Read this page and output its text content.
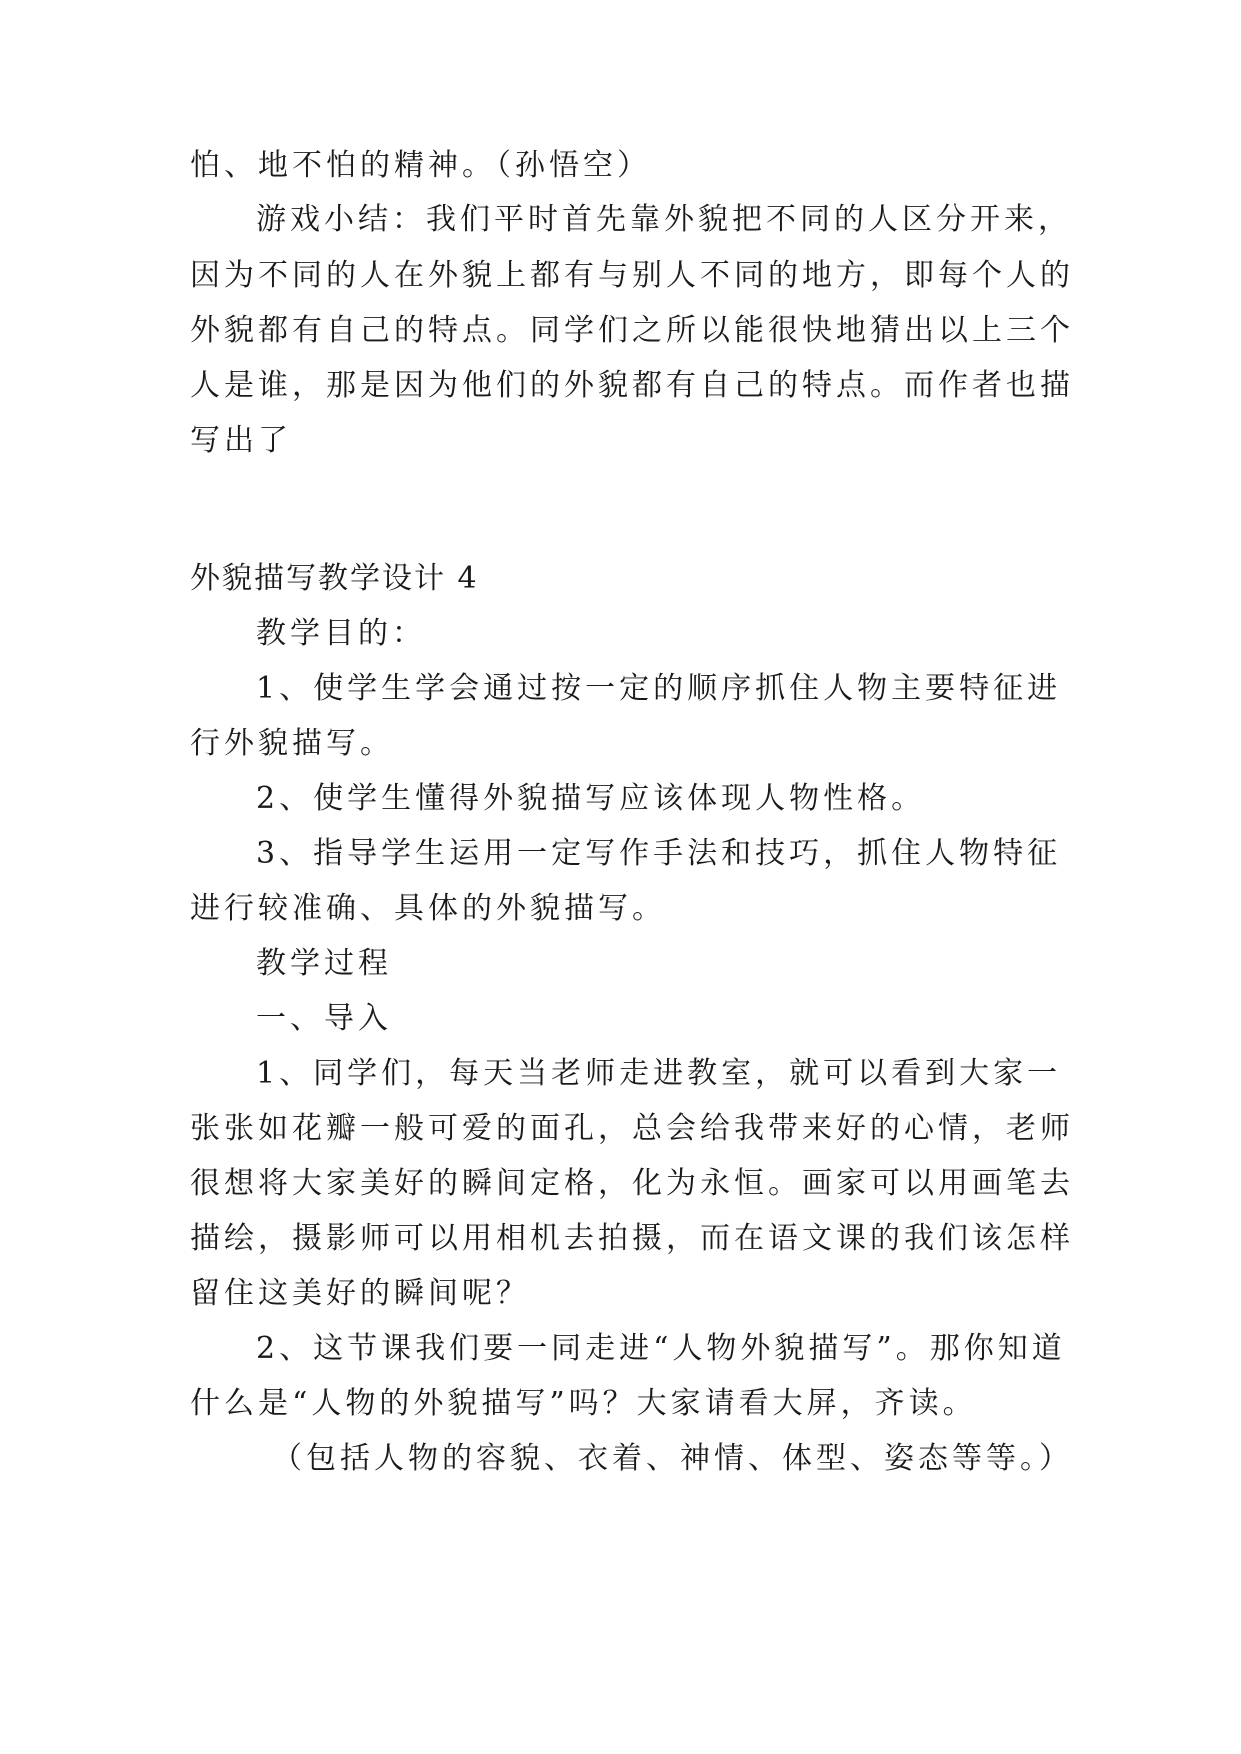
怕、地不怕的精神。（孙悟空）

游戏小结：我们平时首先靠外貌把不同的人区分开来，

因为不同的人在外貌上都有与别人不同的地方，即每个人的

外貌都有自己的特点。同学们之所以能很快地猜出以上三个

人是谁，那是因为他们的外貌都有自己的特点。而作者也描

写出了

外貌描写教学设计 4

教学目的：

1、使学生学会通过按一定的顺序抓住人物主要特征进

行外貌描写。

2、使学生懂得外貌描写应该体现人物性格。

3、指导学生运用一定写作手法和技巧，抓住人物特征

进行较准确、具体的外貌描写。

教学过程

一、导入

1、同学们，每天当老师走进教室，就可以看到大家一

张张如花瓣一般可爱的面孔，总会给我带来好的心情，老师

很想将大家美好的瞬间定格，化为永恒。画家可以用画笔去

描绘，摄影师可以用相机去拍摄，而在语文课的我们该怎样

留住这美好的瞬间呢？

2、这节课我们要一同走进“人物外貌描写”。那你知道

什么是“人物的外貌描写”吗？大家请看大屏，齐读。

（包括人物的容貌、衣着、神情、体型、姿态等等。）
